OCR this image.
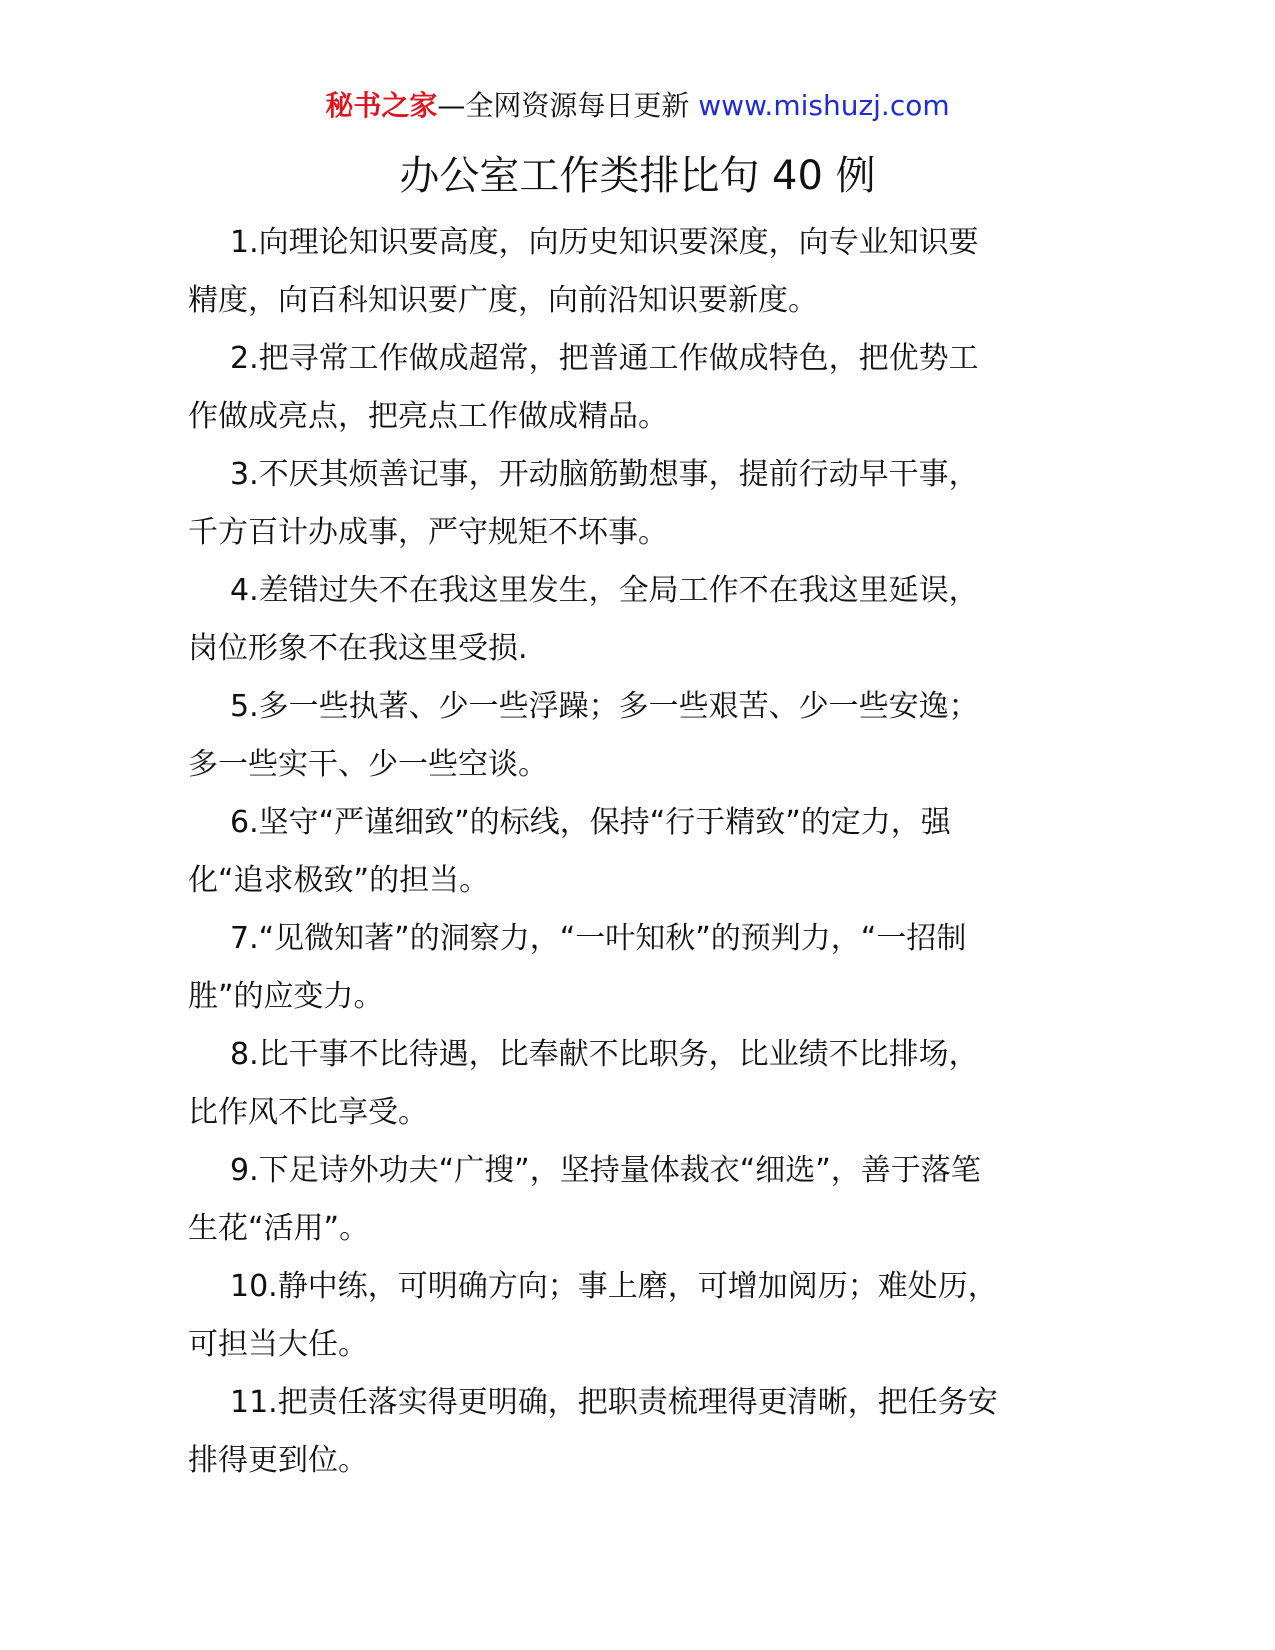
秘书之家—全网资源每日更新 www.mishuzj.com
办公室工作类排比句 40 例

1.向理论知识要高度，向历史知识要深度，向专业知识要
精度，向百科知识要广度，向前沿知识要新度。

2.把寻常工作做成超常，把普通工作做成特色，把优势工
作做成亮点，把亮点工作做成精品。

3.不厌其烦善记事，开动脑筋勤想事，提前行动早干事，
千方百计办成事，严守规矩不坏事。

4.差错过失不在我这里发生，全局工作不在我这里延误，
岗位形象不在我这里受损.

5.多一些执著、少一些浮躁；多一些艰苦、少一些安逸；
多一些实干、少一些空谈。

6.坚守“严谨细致”的标线，保持“行于精致”的定力，强
化“追求极致”的担当。

7.“见微知著”的洞察力，“一叶知秋”的预判力，“一招制
胜”的应变力。

8.比干事不比待遇，比奉献不比职务，比业绩不比排场，
比作风不比享受。

9.下足诗外功夫“广搜”，坚持量体裁衣“细选”，善于落笔
生花“活用”。

10.静中练，可明确方向；事上磨，可增加阅历；难处历，
可担当大任。

11.把责任落实得更明确，把职责梳理得更清晰，把任务安
排得更到位。
